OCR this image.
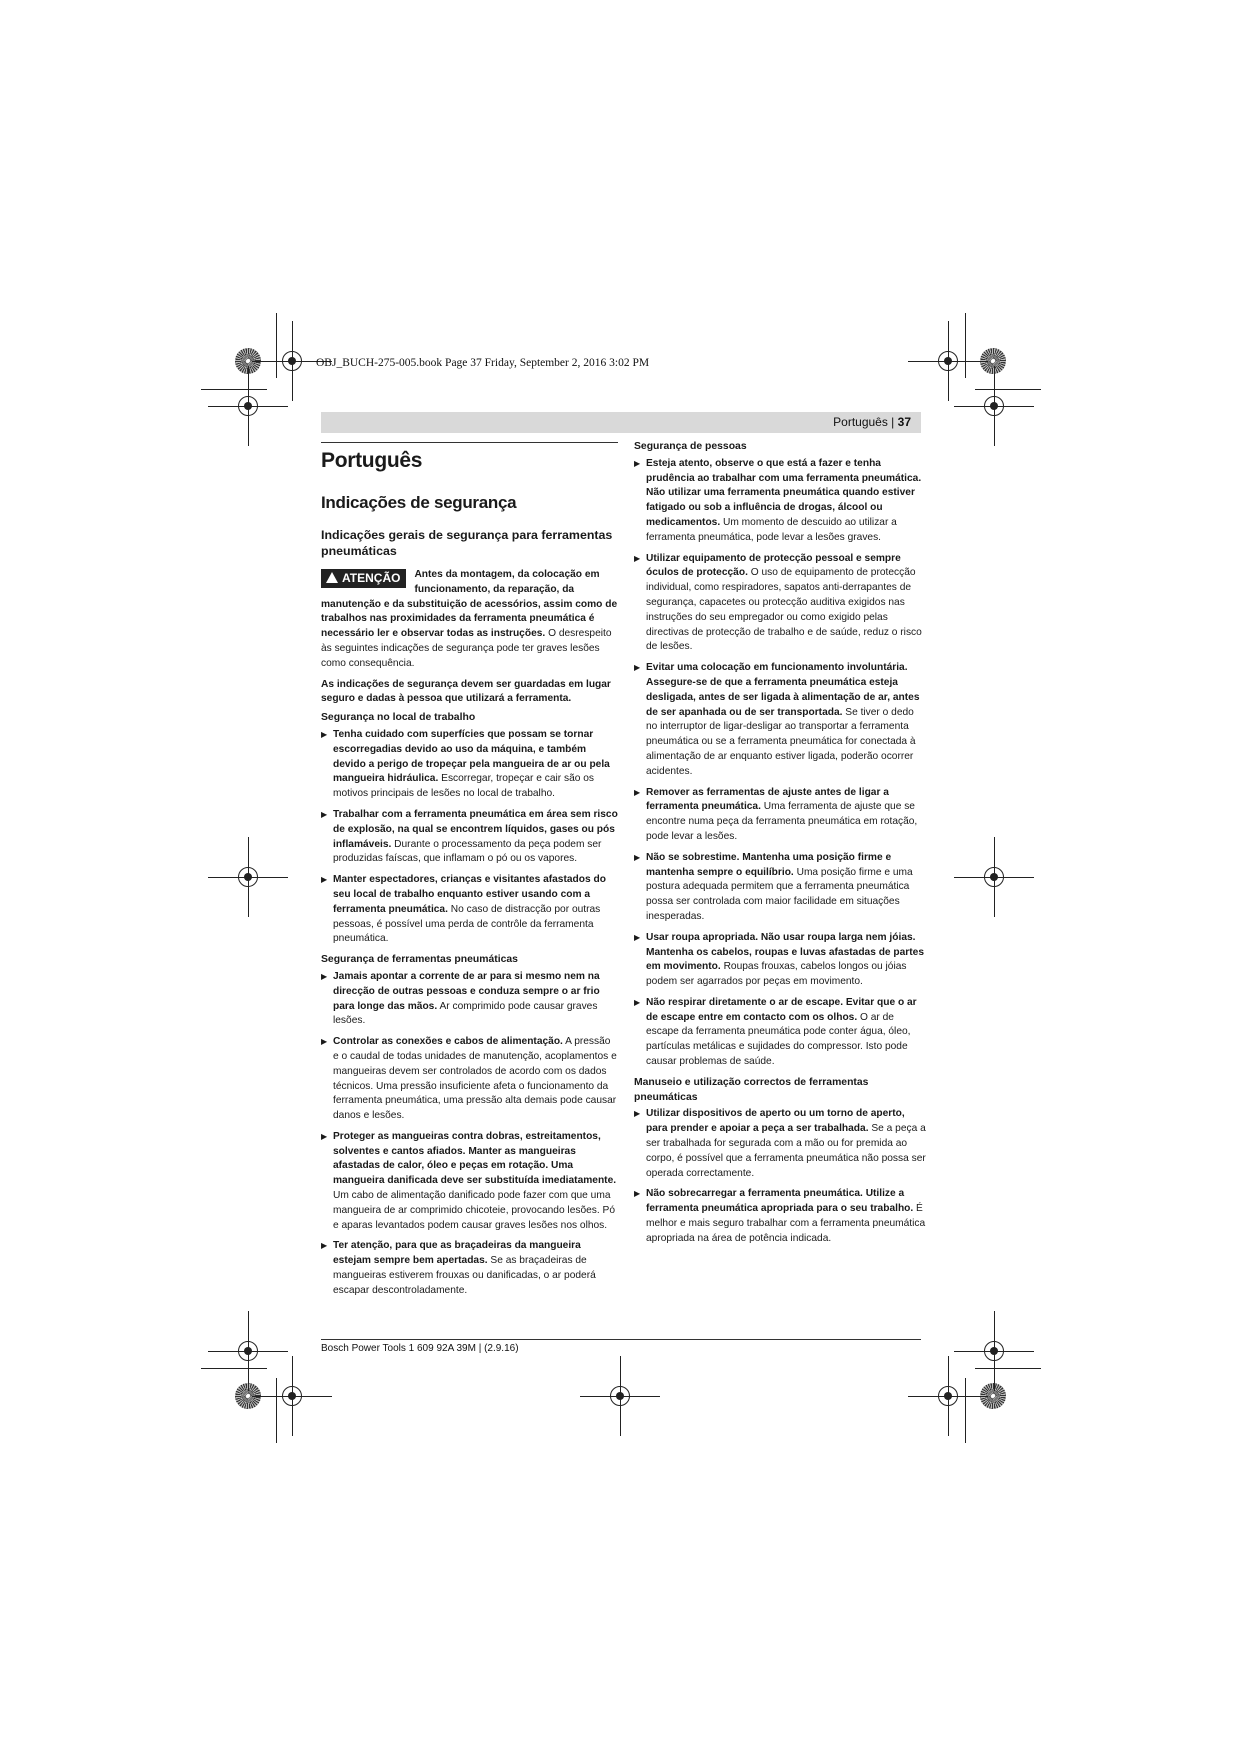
OBJ_BUCH-275-005.book Page 37 Friday, September 2, 2016 3:02 PM
Português | 37
Português
Indicações de segurança
Indicações gerais de segurança para ferramentas pneumáticas
ATENÇÃO	Antes da montagem, da colocação em funcionamento, da reparação, da manutenção e da substituição de acessórios, assim como de trabalhos nas proximidades da ferramenta pneumática é necessário ler e observar todas as instruções. O desrespeito às seguintes indicações de segurança pode ter graves lesões como consequência.

As indicações de segurança devem ser guardadas em lugar seguro e dadas à pessoa que utilizará a ferramenta.

Segurança no local de trabalho
▶ Tenha cuidado com superfícies que possam se tornar escorregadias devido ao uso da máquina, e também devido a perigo de tropeçar pela mangueira de ar ou pela mangueira hidráulica. Escorregar, tropeçar e cair são os motivos principais de lesões no local de trabalho.
▶ Trabalhar com a ferramenta pneumática em área sem risco de explosão, na qual se encontrem líquidos, gases ou pós inflamáveis. Durante o processamento da peça podem ser produzidas faíscas, que inflamam o pó ou os vapores.
▶ Manter espectadores, crianças e visitantes afastados do seu local de trabalho enquanto estiver usando com a ferramenta pneumática. No caso de distracção por outras pessoas, é possível uma perda de contrôle da ferramenta pneumática.
Segurança de ferramentas pneumáticas
▶ Jamais apontar a corrente de ar para si mesmo nem na direcção de outras pessoas e conduza sempre o ar frio para longe das mãos. Ar comprimido pode causar graves lesões.
▶ Controlar as conexões e cabos de alimentação. A pressão e o caudal de todas unidades de manutenção, acoplamentos e mangueiras devem ser controlados de acordo com os dados técnicos. Uma pressão insuficiente afeta o funcionamento da ferramenta pneumática, uma pressão alta demais pode causar danos e lesões.
▶ Proteger as mangueiras contra dobras, estreitamentos, solventes e cantos afiados. Manter as mangueiras afastadas de calor, óleo e peças em rotação. Uma mangueira danificada deve ser substituída imediatamente. Um cabo de alimentação danificado pode fazer com que uma mangueira de ar comprimido chicoteie, provocando lesões. Pó e aparas levantados podem causar graves lesões nos olhos.
▶ Ter atenção, para que as braçadeiras da mangueira estejam sempre bem apertadas. Se as braçadeiras de mangueiras estiverem frouxas ou danificadas, o ar poderá escapar descontroladamente.
Segurança de pessoas
▶ Esteja atento, observe o que está a fazer e tenha prudência ao trabalhar com uma ferramenta pneumática. Não utilizar uma ferramenta pneumática quando estiver fatigado ou sob a influência de drogas, álcool ou medicamentos. Um momento de descuido ao utilizar a ferramenta pneumática, pode levar a lesões graves.
▶ Utilizar equipamento de protecção pessoal e sempre óculos de protecção. O uso de equipamento de protecção individual, como respiradores, sapatos anti-derrapantes de segurança, capacetes ou protecção auditiva exigidos nas instruções do seu empregador ou como exigido pelas directivas de protecção de trabalho e de saúde, reduz o risco de lesões.
▶ Evitar uma colocação em funcionamento involuntária. Assegure-se de que a ferramenta pneumática esteja desligada, antes de ser ligada à alimentação de ar, antes de ser apanhada ou de ser transportada. Se tiver o dedo no interruptor de ligar-desligar ao transportar a ferramenta pneumática ou se a ferramenta pneumática for conectada à alimentação de ar enquanto estiver ligada, poderão ocorrer acidentes.
▶ Remover as ferramentas de ajuste antes de ligar a ferramenta pneumática. Uma ferramenta de ajuste que se encontre numa peça da ferramenta pneumática em rotação, pode levar a lesões.
▶ Não se sobrestime. Mantenha uma posição firme e mantenha sempre o equilíbrio. Uma posição firme e uma postura adequada permitem que a ferramenta pneumática possa ser controlada com maior facilidade em situações inesperadas.
▶ Usar roupa apropriada. Não usar roupa larga nem jóias. Mantenha os cabelos, roupas e luvas afastadas de partes em movimento. Roupas frouxas, cabelos longos ou jóias podem ser agarrados por peças em movimento.
▶ Não respirar diretamente o ar de escape. Evitar que o ar de escape entre em contacto com os olhos. O ar de escape da ferramenta pneumática pode conter água, óleo, partículas metálicas e sujidades do compressor. Isto pode causar problemas de saúde.
Manuseio e utilização correctos de ferramentas pneumáticas
▶ Utilizar dispositivos de aperto ou um torno de aperto, para prender e apoiar a peça a ser trabalhada. Se a peça a ser trabalhada for segurada com a mão ou for premida ao corpo, é possível que a ferramenta pneumática não possa ser operada correctamente.
▶ Não sobrecarregar a ferramenta pneumática. Utilize a ferramenta pneumática apropriada para o seu trabalho. É melhor e mais seguro trabalhar com a ferramenta pneumática apropriada na área de potência indicada.
Bosch Power Tools 1 609 92A 39M | (2.9.16)
